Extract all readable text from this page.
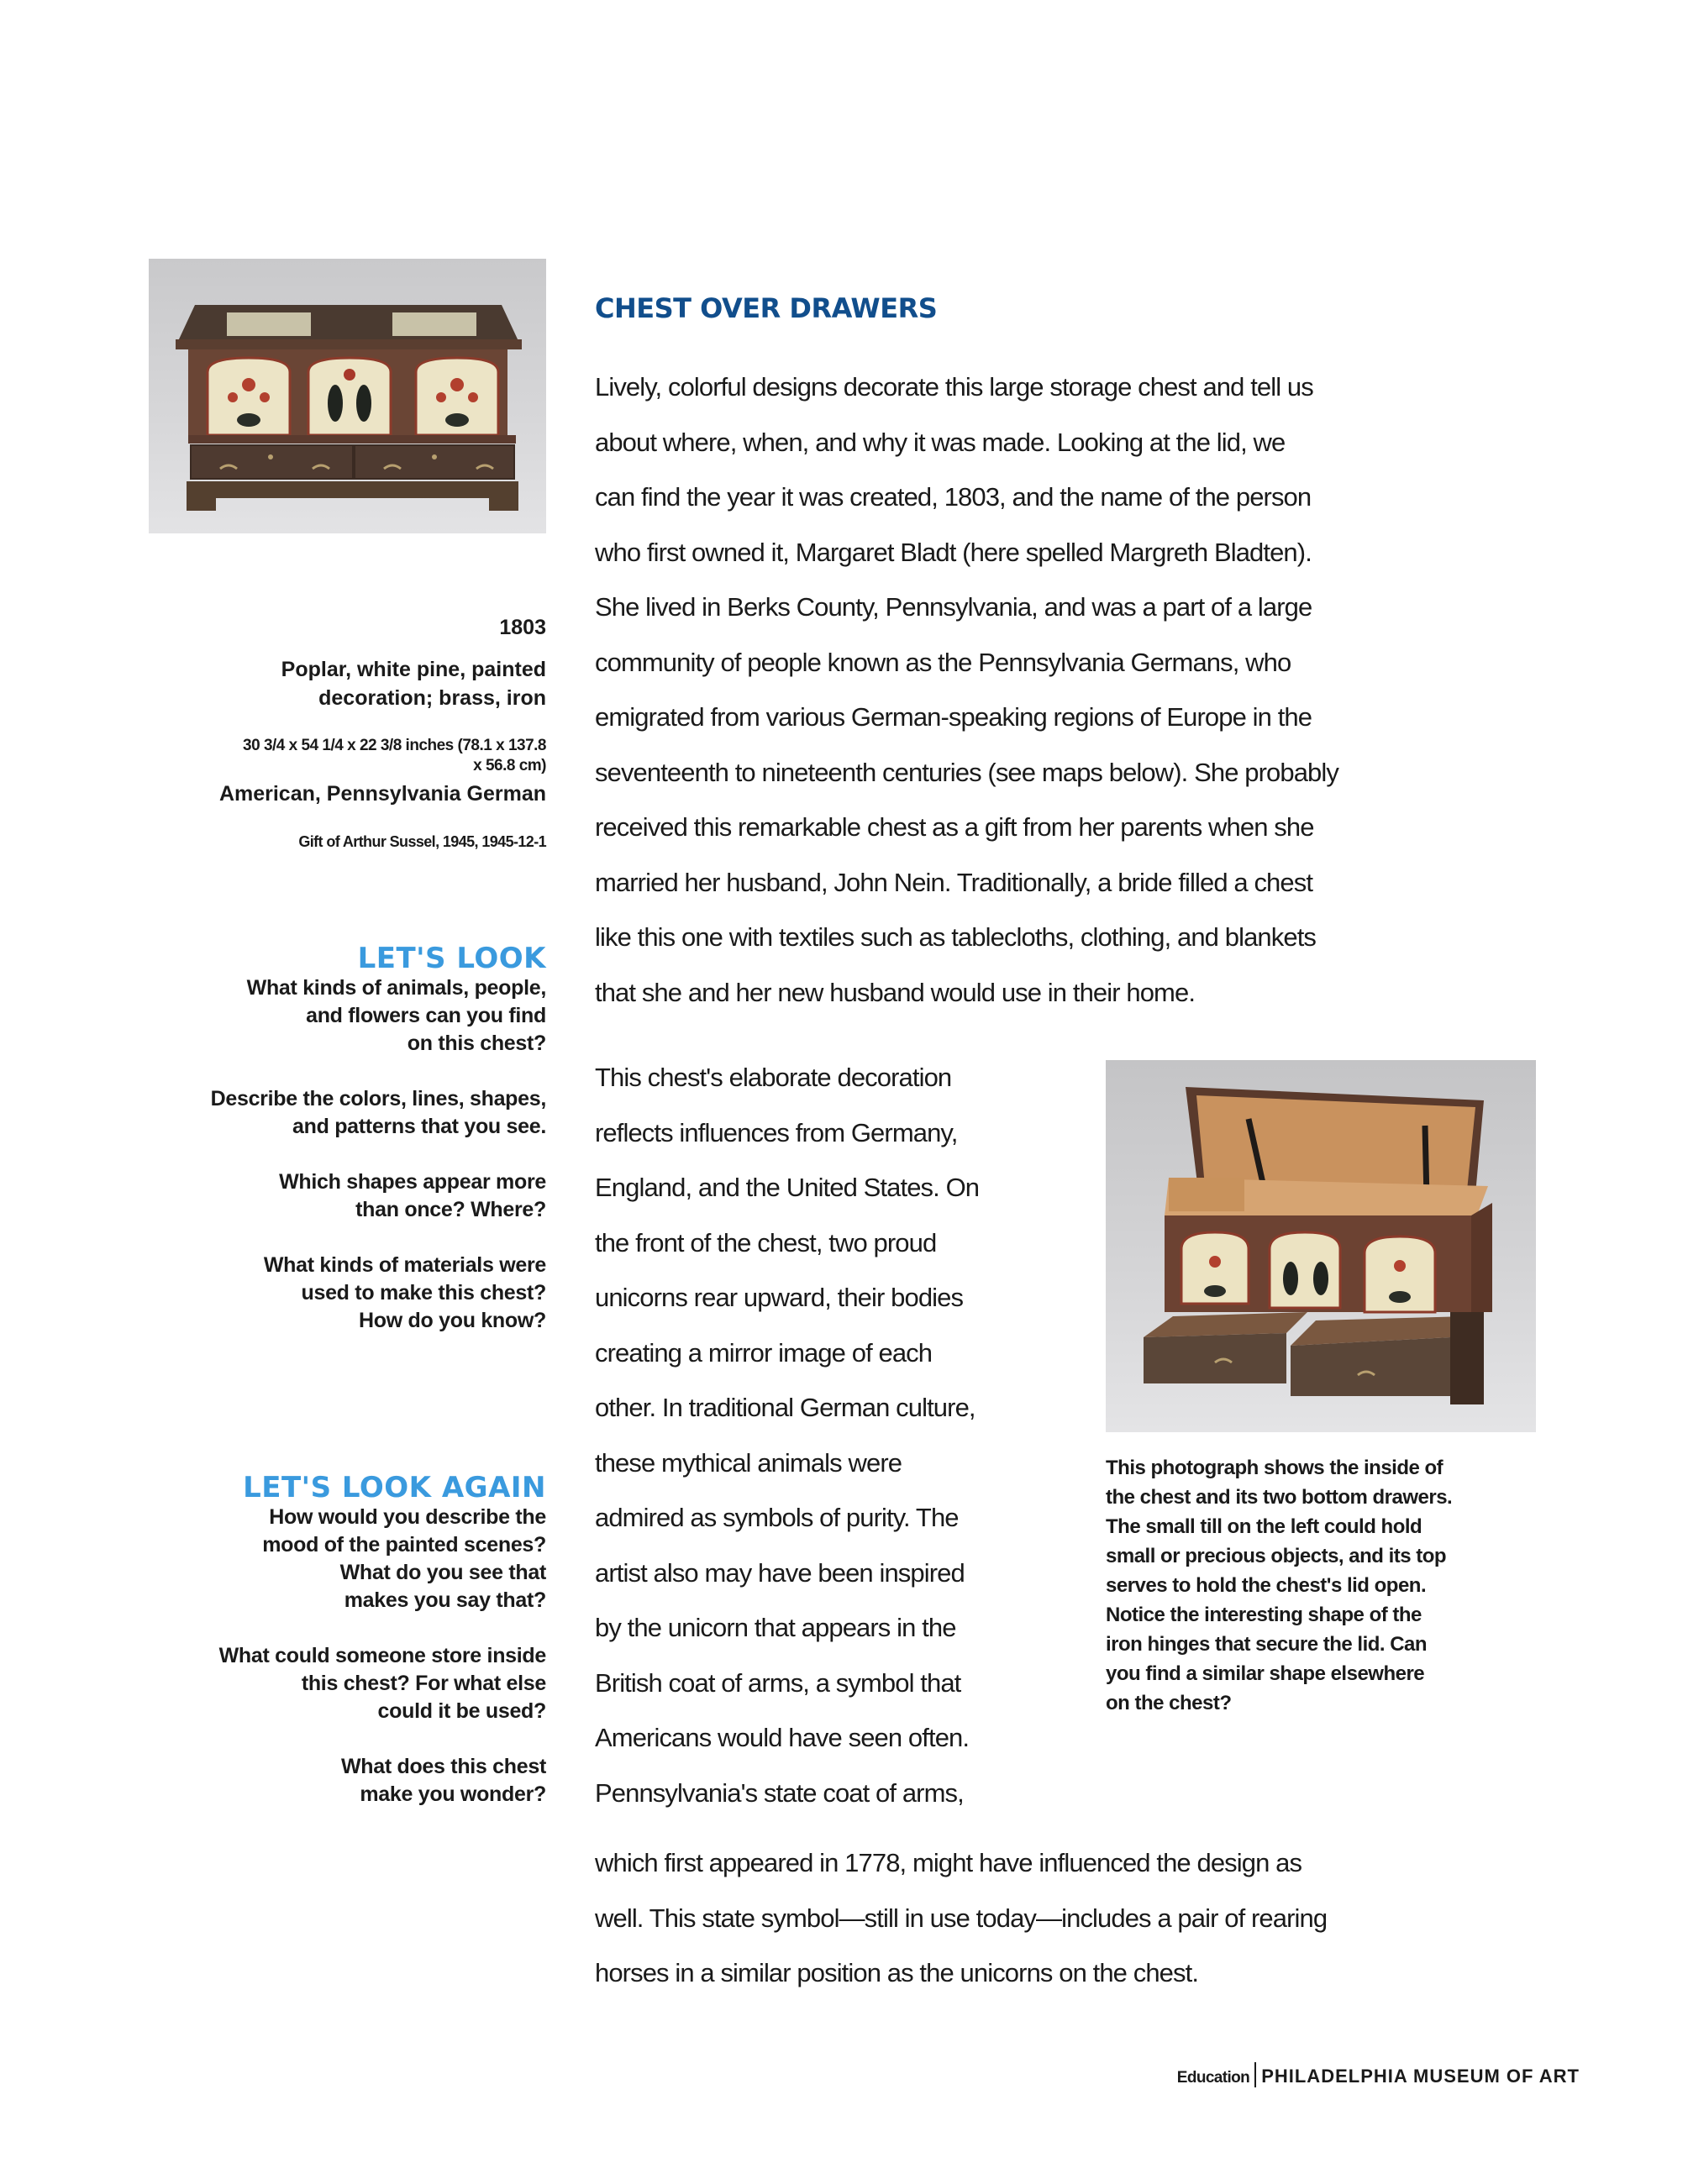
1803
Poplar, white pine, painted
decoration; brass, iron
30 3/4 x 54 1/4 x 22 3/8 inches (78.1 x 137.8
x 56.8 cm)
American, Pennsylvania German
Gift of Arthur Sussel, 1945, 1945-12-1
LET'S LOOK
What kinds of animals, people,
and flowers can you find
on this chest?
Describe the colors, lines, shapes,
and patterns that you see.
Which shapes appear more
than once? Where?
What kinds of materials were
used to make this chest?
How do you know?
LET'S LOOK AGAIN
How would you describe the
mood of the painted scenes?
What do you see that
makes you say that?
What could someone store inside
this chest? For what else
could it be used?
What does this chest
make you wonder?
CHEST OVER DRAWERS
Lively, colorful designs decorate this large storage chest and tell us
about where, when, and why it was made. Looking at the lid, we
can find the year it was created, 1803, and the name of the person
who first owned it, Margaret Bladt (here spelled Margreth Bladten).
She lived in Berks County, Pennsylvania, and was a part of a large
community of people known as the Pennsylvania Germans, who
emigrated from various German-speaking regions of Europe in the
seventeenth to nineteenth centuries (see maps below). She probably
received this remarkable chest as a gift from her parents when she
married her husband, John Nein. Traditionally, a bride filled a chest
like this one with textiles such as tablecloths, clothing, and blankets
that she and her new husband would use in their home.
This chest's elaborate decoration
reflects influences from Germany,
England, and the United States. On
the front of the chest, two proud
unicorns rear upward, their bodies
creating a mirror image of each
other. In traditional German culture,
these mythical animals were
admired as symbols of purity. The
artist also may have been inspired
by the unicorn that appears in the
British coat of arms, a symbol that
Americans would have seen often.
Pennsylvania's state coat of arms,
which first appeared in 1778, might have influenced the design as
well. This state symbol—still in use today—includes a pair of rearing
horses in a similar position as the unicorns on the chest.
This photograph shows the inside of
the chest and its two bottom drawers.
The small till on the left could hold
small or precious objects, and its top
serves to hold the chest's lid open.
Notice the interesting shape of the
iron hinges that secure the lid. Can
you find a similar shape elsewhere
on the chest?
Education PHILADELPHIA MUSEUM OF ART
